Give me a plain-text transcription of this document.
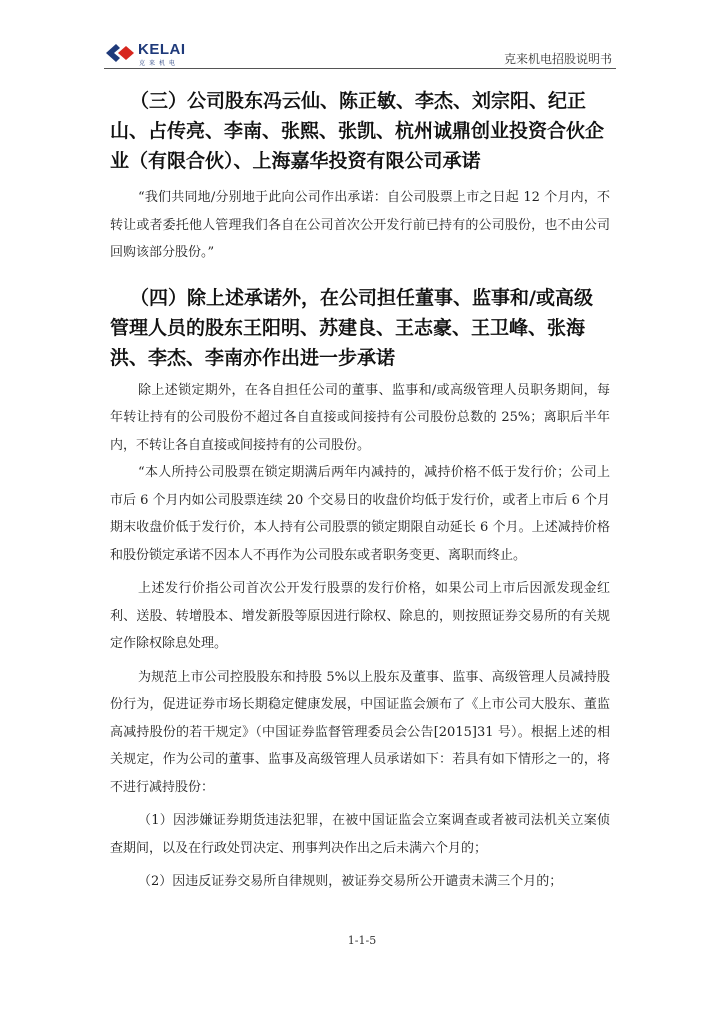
KELAI
克来机电	克来机电招股说明书

（三）公司股东冯云仙、陈正敏、李杰、刘宗阳、纪正山、占传亮、李南、张熙、张凯、杭州诚鼎创业投资合伙企业（有限合伙）、上海嘉华投资有限公司承诺

“我们共同地/分别地于此向公司作出承诺：自公司股票上市之日起 12 个月内，不转让或者委托他人管理我们各自在公司首次公开发行前已持有的公司股份，也不由公司回购该部分股份。”

（四）除上述承诺外，在公司担任董事、监事和/或高级管理人员的股东王阳明、苏建良、王志豪、王卫峰、张海洪、李杰、李南亦作出进一步承诺

除上述锁定期外，在各自担任公司的董事、监事和/或高级管理人员职务期间，每年转让持有的公司股份不超过各自直接或间接持有公司股份总数的 25%；离职后半年内，不转让各自直接或间接持有的公司股份。

“本人所持公司股票在锁定期满后两年内减持的，减持价格不低于发行价；公司上市后 6 个月内如公司股票连续 20 个交易日的收盘价均低于发行价，或者上市后 6 个月期末收盘价低于发行价，本人持有公司股票的锁定期限自动延长 6 个月。上述减持价格和股份锁定承诺不因本人不再作为公司股东或者职务变更、离职而终止。

上述发行价指公司首次公开发行股票的发行价格，如果公司上市后因派发现金红利、送股、转增股本、增发新股等原因进行除权、除息的，则按照证券交易所的有关规定作除权除息处理。

为规范上市公司控股股东和持股 5%以上股东及董事、监事、高级管理人员减持股份行为，促进证券市场长期稳定健康发展，中国证监会颁布了《上市公司大股东、董监高减持股份的若干规定》（中国证券监督管理委员会公告[2015]31 号）。根据上述的相关规定，作为公司的董事、监事及高级管理人员承诺如下：若具有如下情形之一的，将不进行减持股份：

（1）因涉嫌证券期货违法犯罪，在被中国证监会立案调查或者被司法机关立案侦查期间，以及在行政处罚决定、刑事判决作出之后未满六个月的；

（2）因违反证券交易所自律规则，被证券交易所公开谴责未满三个月的；

1-1-5
